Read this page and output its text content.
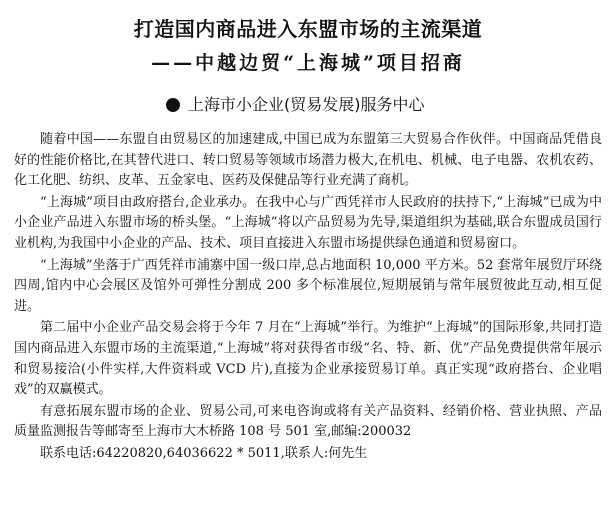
打造国内商品进入东盟市场的主流渠道
——中越边贸“上海城”项目招商
上海市小企业(贸易发展)服务中心

随着中国——东盟自由贸易区的加速建成,中国已成为东盟第三大贸易合作伙伴。中国商品凭借良好的性能价格比,在其替代进口、转口贸易等领域市场潜力极大,在机电、机械、电子电器、农机农药、化工化肥、纺织、皮革、五金家电、医药及保健品等行业充满了商机。

“上海城”项目由政府搭台,企业承办。在我中心与广西凭祥市人民政府的扶持下,“上海城”已成为中小企业产品进入东盟市场的桥头堡。“上海城”将以产品贸易为先导,渠道组织为基础,联合东盟成员国行业机构,为我国中小企业的产品、技术、项目直接进入东盟市场提供绿色通道和贸易窗口。

“上海城”坐落于广西凭祥市浦寨中国一级口岸,总占地面积 10,000 平方米。52 套常年展贸厅环绕四周,馆内中心会展区及馆外可弹性分割成 200 多个标准展位,短期展销与常年展贸彼此互动,相互促进。

第二届中小企业产品交易会将于今年 7 月在“上海城”举行。为维护“上海城”的国际形象,共同打造国内商品进入东盟市场的主流渠道,“上海城”将对获得省市级“名、特、新、优”产品免费提供常年展示和贸易接洽(小件实样,大件资料或 VCD 片),直接为企业承接贸易订单。真正实现“政府搭台、企业唱戏”的双赢模式。

有意拓展东盟市场的企业、贸易公司,可来电咨询或将有关产品资料、经销价格、营业执照、产品质量监测报告等邮寄至上海市大木桥路 108 号 501 室,邮编:200032

联系电话:64220820,64036622 * 5011,联系人:何先生
